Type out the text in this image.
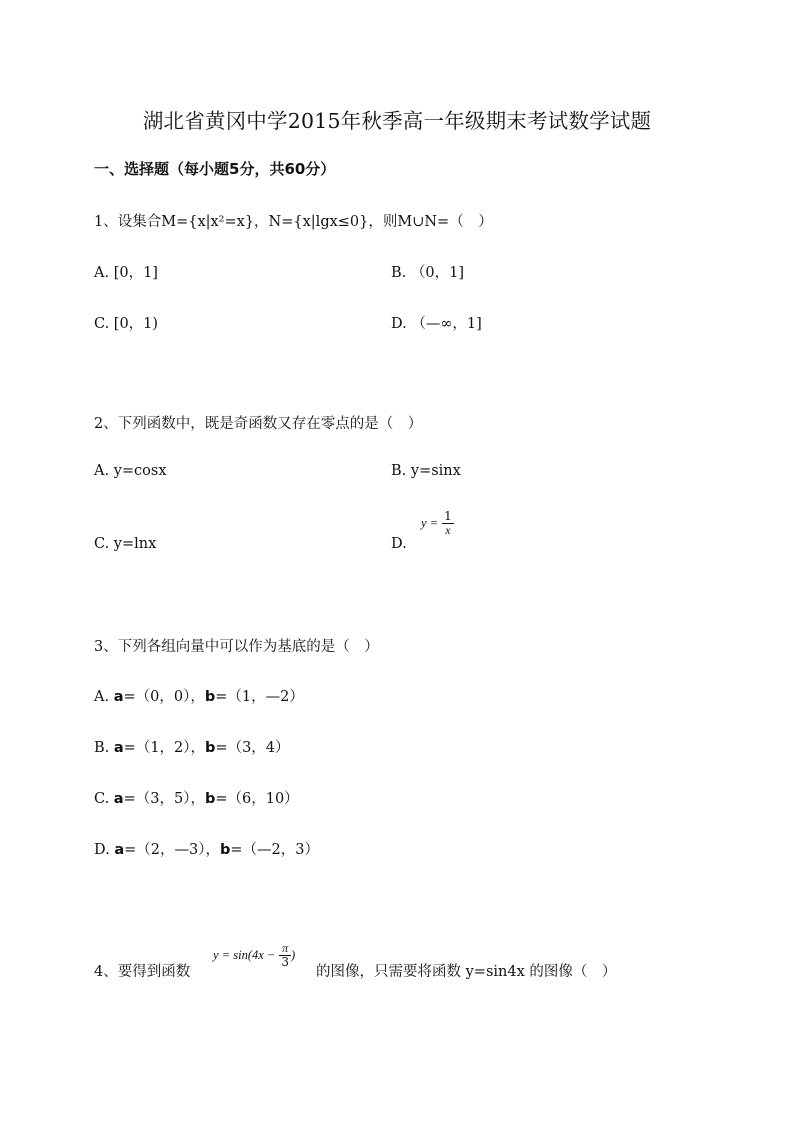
湖北省黄冈中学2015年秋季高一年级期末考试数学试题
一、选择题（每小题5分，共60分）
1、设集合M={x|x²=x}，N={x|lgx≤0}，则M∪N=（　）
A. [0，1]	B. （0，1]
C. [0，1)	D. （—∞，1]
2、下列函数中，既是奇函数又存在零点的是（　）
A. y=cosx	B. y=sinx
C. y=lnx	D.
$y = \frac{1}{x}$
3、下列各组向量中可以作为基底的是（　）
A. a=（0，0），b=（1，—2）
B. a=（1，2），b=（3，4）
C. a=（3，5），b=（6，10）
D. a=（2，—3），b=（—2，3）
4、要得到函数
$y = \sin(4x - \frac{\pi}{3}$ )
的图像，只需要将函数 y=sin4x 的图像（　）
